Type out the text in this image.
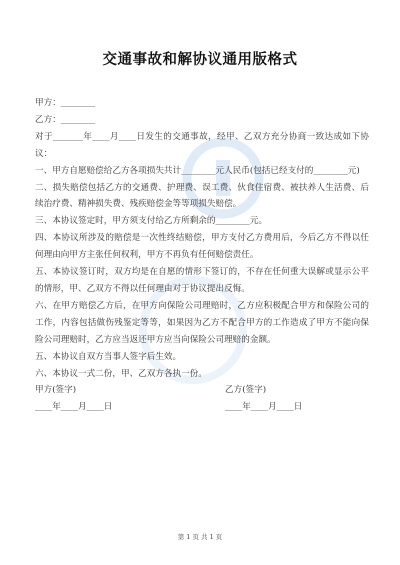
交通事故和解协议通用版格式

甲方：________

乙方：________

对于_______年____月____日发生的交通事故，经甲、乙双方充分协商一致达成如下协议：

一、甲方自愿赔偿给乙方各项损失共计________元人民币(包括已经支付的________元)

二、损失赔偿包括乙方的交通费、护理费、误工费、伙食住宿费、被扶养人生活费、后续治疗费、精神损失费、残疾赔偿金等等项损失赔偿。

三、本协议签定时，甲方须支付给乙方所剩余的________元。

四、本协议所涉及的赔偿是一次性终结赔偿，甲方支付乙方费用后，今后乙方不得以任何理由向甲方主张任何权利，甲方不再负有任何赔偿责任。

五、本协议签订时，双方均是在自愿的情形下签订的，不存在任何重大误解或显示公平的情形，甲、乙双方不得以任何理由对于协议提出反悔。

六、在甲方赔偿乙方后，在甲方向保险公司理赔时，乙方应积极配合甲方和保险公司的工作，内容包括做伤残鉴定等等，如果因为乙方不配合甲方的工作造成了甲方不能向保险公司理赔时，乙方应当返还甲方应当向保险公司理赔的金额。

五、本协议自双方当事人签字后生效。

六、本协议一式二份，甲、乙双方各执一份。

甲方(签字)	乙方(签字)
____年____月____日	____年____月____日
第 1 页 共 1 页
